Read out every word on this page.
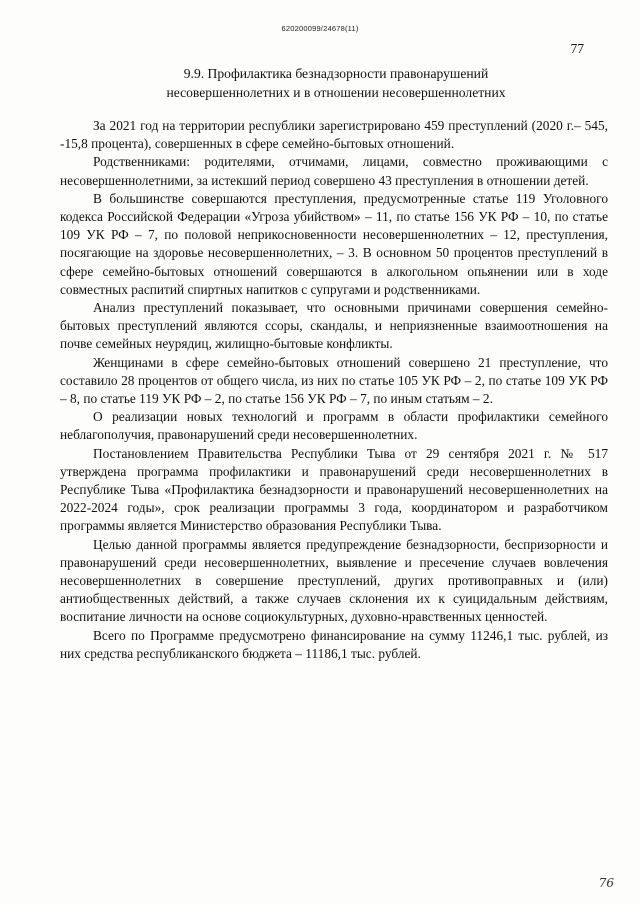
620200099/24678(11)
77
9.9. Профилактика безнадзорности правонарушений
несовершеннолетних и в отношении несовершеннолетних

За 2021 год на территории республики зарегистрировано 459 преступлений (2020 г.– 545, -15,8 процента), совершенных в сфере семейно-бытовых отношений.

Родственниками: родителями, отчимами, лицами, совместно проживающими с несовершеннолетними, за истекший период совершено 43 преступления в отношении детей.

В большинстве совершаются преступления, предусмотренные статье 119 Уголовного кодекса Российской Федерации «Угроза убийством» – 11, по статье 156 УК РФ – 10, по статье 109 УК РФ – 7, по половой неприкосновенности несовершеннолетних – 12, преступления, посягающие на здоровье несовершеннолетних, – 3. В основном 50 процентов преступлений в сфере семейно-бытовых отношений совершаются в алкогольном опьянении или в ходе совместных распитий спиртных напитков с супругами и родственниками.

Анализ преступлений показывает, что основными причинами совершения семейно-бытовых преступлений являются ссоры, скандалы, и неприязненные взаимоотношения на почве семейных неурядиц, жилищно-бытовые конфликты.

Женщинами в сфере семейно-бытовых отношений совершено 21 преступление, что составило 28 процентов от общего числа, из них по статье 105 УК РФ – 2, по статье 109 УК РФ – 8, по статье 119 УК РФ – 2, по статье 156 УК РФ – 7, по иным статьям – 2.

О реализации новых технологий и программ в области профилактики семейного неблагополучия, правонарушений среди несовершеннолетних.

Постановлением Правительства Республики Тыва от 29 сентября 2021 г. № 517 утверждена программа профилактики и правонарушений среди несовершеннолетних в Республике Тыва «Профилактика безнадзорности и правонарушений несовершеннолетних на 2022-2024 годы», срок реализации программы 3 года, координатором и разработчиком программы является Министерство образования Республики Тыва.

Целью данной программы является предупреждение безнадзорности, беспризорности и правонарушений среди несовершеннолетних, выявление и пресечение случаев вовлечения несовершеннолетних в совершение преступлений, других противоправных и (или) антиобщественных действий, а также случаев склонения их к суицидальным действиям, воспитание личности на основе социокультурных, духовно-нравственных ценностей.

Всего по Программе предусмотрено финансирование на сумму 11246,1 тыс. рублей, из них средства республиканского бюджета – 11186,1 тыс. рублей.

76
